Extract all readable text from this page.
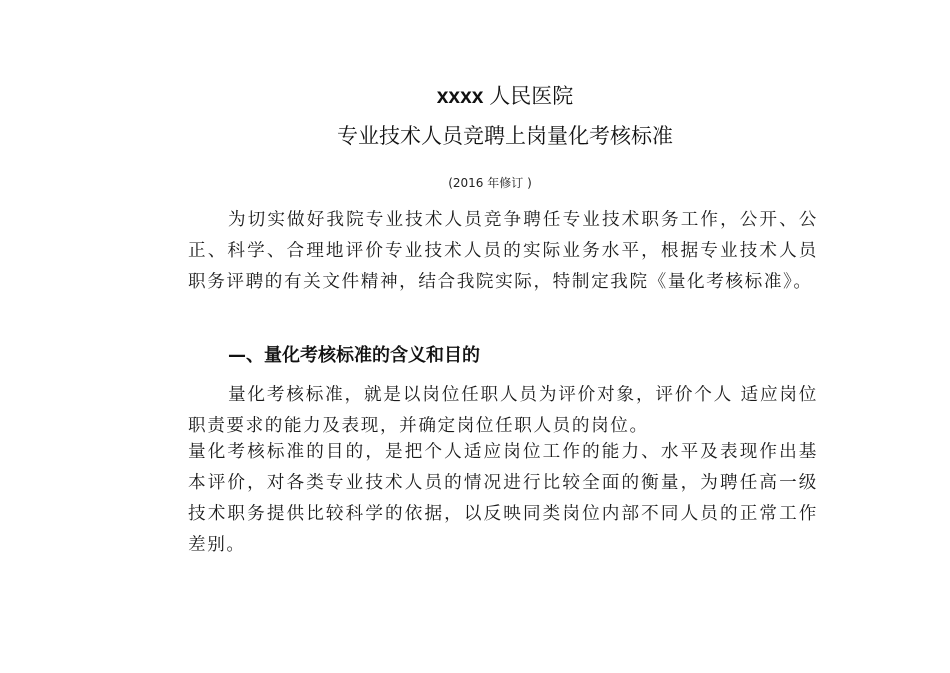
xxxx 人民医院
专业技术人员竞聘上岗量化考核标准
(2016 年修订 )

为切实做好我院专业技术人员竞争聘任专业技术职务工作，公开、公正、科学、合理地评价专业技术人员的实际业务水平，根据专业技术人员职务评聘的有关文件精神，结合我院实际，特制定我院《量化考核标准》。

—、量化考核标准的含义和目的

量化考核标准，就是以岗位任职人员为评价对象，评价个人 适应岗位职责要求的能力及表现，并确定岗位任职人员的岗位。

量化考核标准的目的，是把个人适应岗位工作的能力、水平及表现作出基本评价，对各类专业技术人员的情况进行比较全面的衡量，为聘任高一级技术职务提供比较科学的依据，以反映同类岗位内部不同人员的正常工作差别。
